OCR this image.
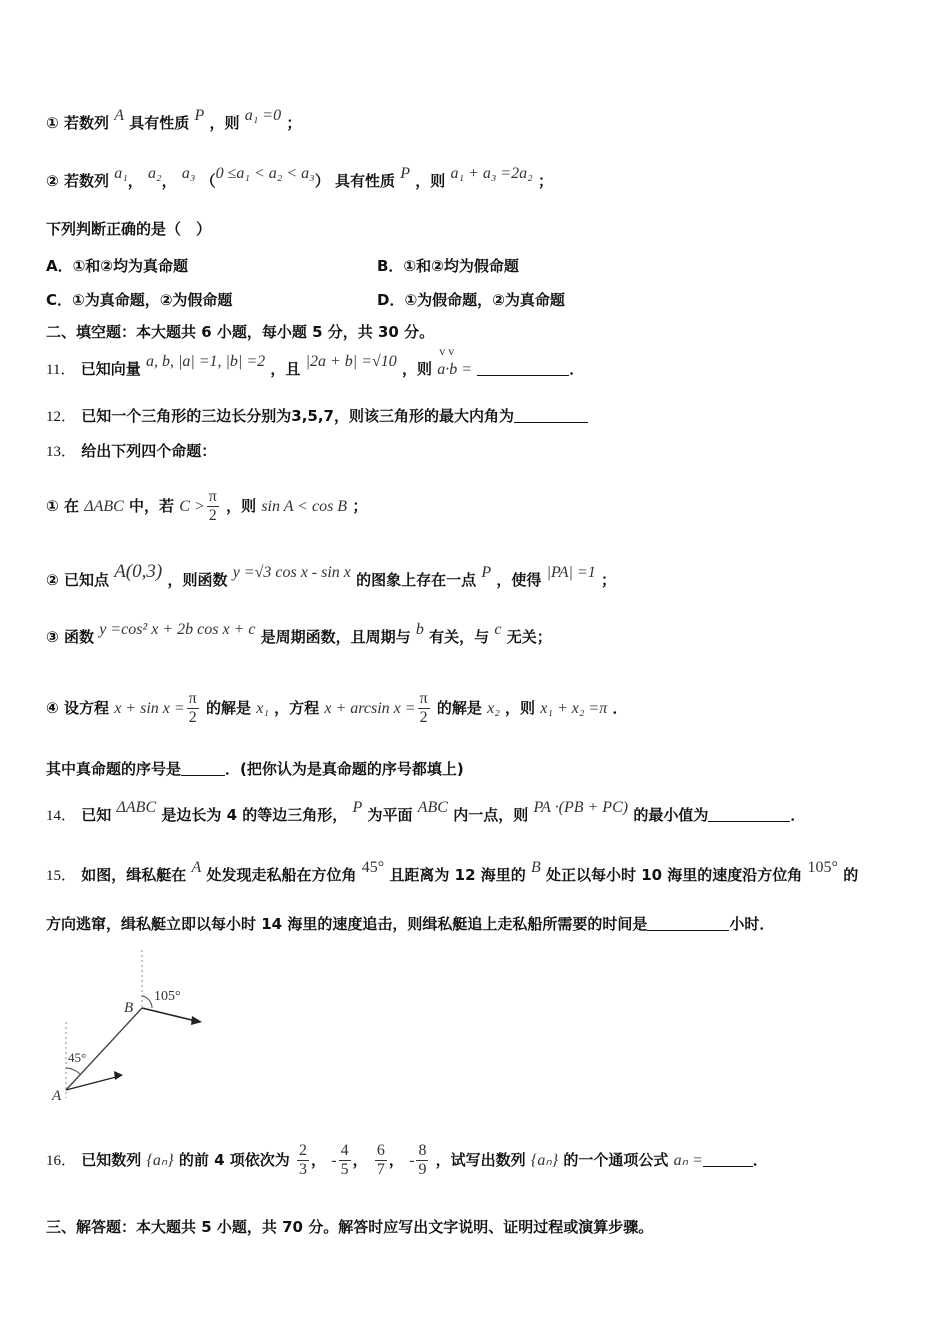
① 若数列 A 具有性质 P ，则 a₁ =0 ；
② 若数列 a₁， a₂， a₃ （0 ≤a₁ < a₂ < a₃） 具有性质 P ，则 a₁ + a₃ =2a₂ ；
下列判断正确的是（　）
A．①和②均为真命题	B．①和②均为假命题
C．①为真命题，②为假命题	D．①为假命题，②为真命题
二、填空题：本大题共 6 小题，每小题 5 分，共 30 分。
11． 已知向量 a, b, |a| =1, |b| =2 ，且 |2a + b| =√10 ，则
v v
a·b =	．
12． 已知一个三角形的三边长分别为3,5,7，则该三角形的最大内角为
13． 给出下列四个命题：
① 在 ΔABC 中，若 $C > \frac{\pi}{2}$ ，则 sin A < cos B ；
② 已知点 A(0,3) ，则函数 y =√3 cos x - sin x 的图象上存在一点 P ，使得 |PA| =1 ；
③ 函数 y =cos² x + 2b cos x + c 是周期函数，且周期与 b 有关，与 c 无关；
④ 设方程 $x + \sin x = \frac{\pi}{2}$ 的解是 x₁ ，方程 $x + \arcsin x = \frac{\pi}{2}$ 的解是 x₂ ，则 x₁ + x₂ =π ．
其中真命题的序号是	．(把你认为是真命题的序号都填上)
14． 已知 ΔABC 是边长为 4 的等边三角形， P 为平面 ABC 内一点，则 PA ·(PB + PC) 的最小值为	．
15． 如图，缉私艇在 A 处发现走私船在方位角 45° 且距离为 12 海里的 B 处正以每小时 10 海里的速度沿方位角 105° 的
方向逃窜，缉私艇立即以每小时 14 海里的速度追击，则缉私艇追上走私船所需要的时间是	小时．
B
A
105°
45°
16． 已知数列 {aₙ} 的前 4 项依次为 $\frac{2}{3}$ ， - $\frac{4}{5}$ ， $\frac{6}{7}$ ， - $\frac{8}{9}$ ，试写出数列 {aₙ} 的一个通项公式 aₙ =	．
三、解答题：本大题共 5 小题，共 70 分。解答时应写出文字说明、证明过程或演算步骤。
